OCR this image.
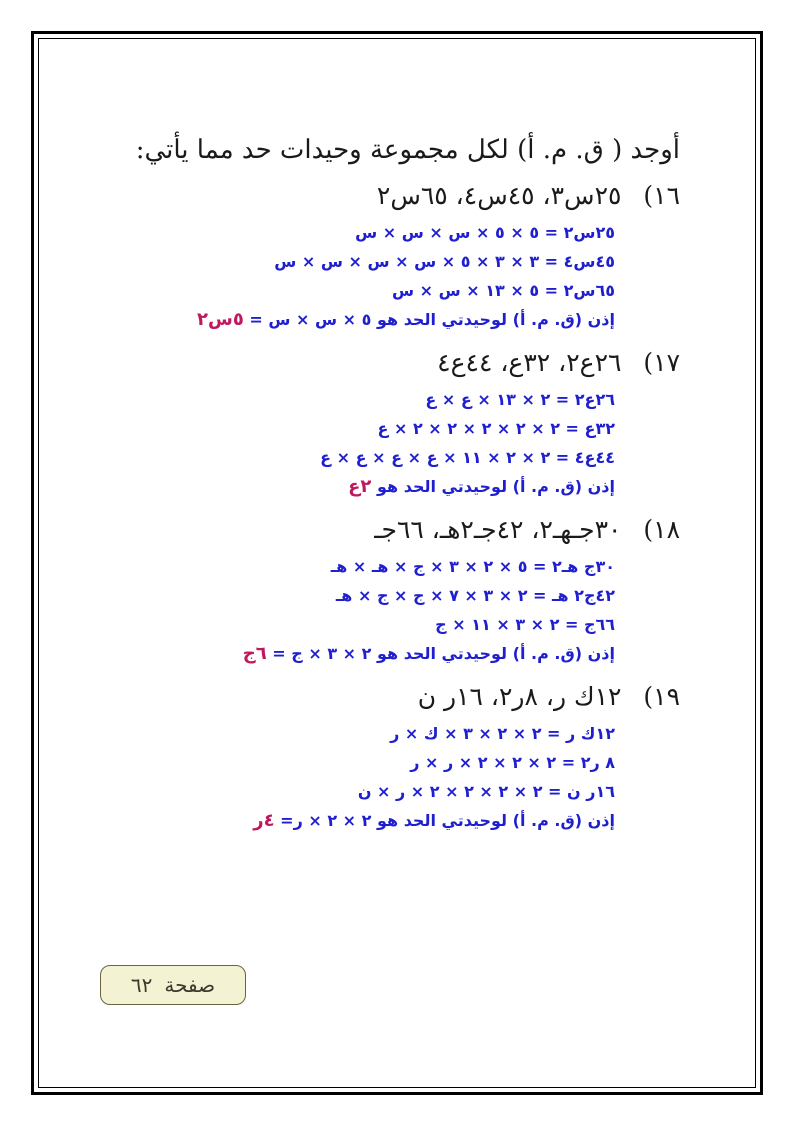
أوجد ( ق. م. أ) لكل مجموعة وحيدات حد مما يأتي:
١٦) ٢٥س٣، ٤٥س٤، ٦٥س٢
٢٥س٢ = ٥ × ٥ × س × س × س
٤٥س٤ = ٣ × ٣ × ٥ × س × س × س × س
٦٥س٢ = ٥ × ١٣ × س × س
إذن (ق. م. أ) لوحيدتي الحد هو ٥ × س × س = ٥س٢
١٧) ٢٦ع٢، ٣٢ع، ٤٤ع٤
٢٦ع٢ = ٢ × ١٣ × ع × ع
٣٢ع = ٢ × ٢ × ٢ × ٢ × ٢ × ع
٤٤ع٤ = ٢ × ٢ × ١١ × ع × ع × ع × ع
إذن (ق. م. أ) لوحيدتي الحد هو ٢ع
١٨) ٣٠جـهـ٢، ٤٢جـ٢هـ، ٦٦جـ
٣٠ج هـ٢ = ٥ × ٢ × ٣ × ج × هـ × هـ
٤٢ج٢ هـ = ٢ × ٣ × ٧ × ج × ج × هـ
٦٦ج = ٢ × ٣ × ١١ × ج
إذن (ق. م. أ) لوحيدتي الحد هو ٢ × ٣ × ج = ٦ج
١٩) ١٢ك ر، ٨ر٢، ١٦ر ن
١٢ك ر = ٢ × ٢ × ٣ × ك × ر
٨ ر٢ = ٢ × ٢ × ٢ × ر × ر
١٦ر ن = ٢ × ٢ × ٢ × ٢ × ر × ن
إذن (ق. م. أ) لوحيدتي الحد هو ٢ × ٢ × ر= ٤ر
صفحة
٦٢
